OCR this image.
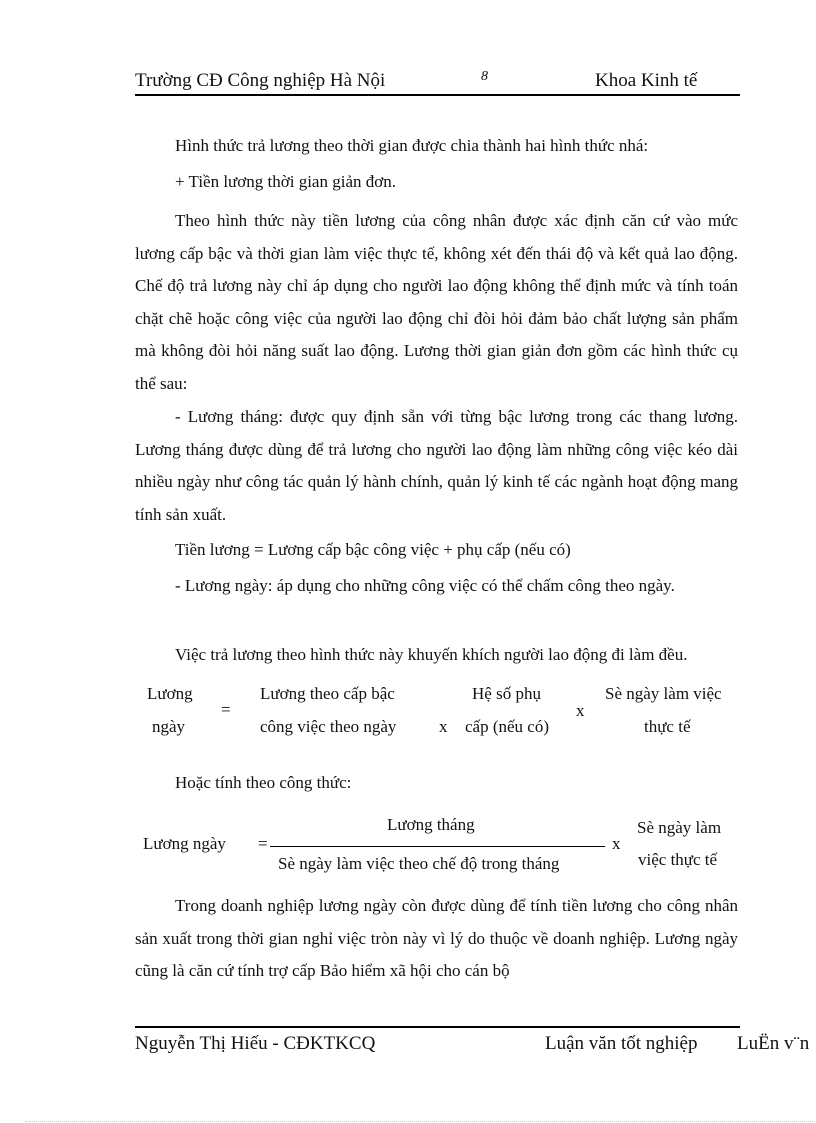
Trường CĐ Công nghiệp Hà Nội	8	Khoa Kinh tế
Hình thức trả lương theo thời gian được chia thành hai hình thức nhá:
+ Tiền lương thời gian giản đơn.
Theo hình thức này tiền lương của công nhân được xác định căn cứ vào mức lương cấp bậc và thời gian làm việc thực tế, không xét đến thái độ và kết quả lao động. Chế độ trả lương này chỉ áp dụng cho người lao động không thể định mức và tính toán chặt chẽ hoặc công việc của người lao động chỉ đòi hỏi đảm bảo chất lượng sản phẩm mà không đòi hỏi năng suất lao động. Lương thời gian giản đơn gồm các hình thức cụ thể sau:
- Lương tháng: được quy định sẵn với từng bậc lương trong các thang lương. Lương tháng được dùng để trả lương cho người lao động làm những công việc kéo dài nhiều ngày như công tác quản lý hành chính, quản lý kinh tế các ngành hoạt động mang tính sản xuất.
Tiền lương = Lương cấp bậc công việc + phụ cấp (nếu có)
- Lương ngày: áp dụng cho những công việc có thể chấm công theo ngày.
Việc trả lương theo hình thức này khuyến khích người lao động đi làm đều.
Lương
ngày
=
Lương theo cấp bậc
công việc theo ngày	x
Hệ số phụ
cấp (nếu có)
x
Sè ngày làm việc
thực tế
Hoặc tính theo công thức:
Lương ngày =
Lương tháng
Sè ngày làm việc theo chế độ trong tháng
x
Sè ngày làm
việc thực tế
Trong doanh nghiệp lương ngày còn được dùng để tính tiền lương cho công nhân sản xuất trong thời gian nghỉ việc tròn này vì lý do thuộc về doanh nghiệp. Lương ngày cũng là căn cứ tính trợ cấp Bảo hiểm xã hội cho cán bộ
Nguyễn Thị Hiếu - CĐKTKCQ	Luận văn tốt nghiệp LuËn v¨n
